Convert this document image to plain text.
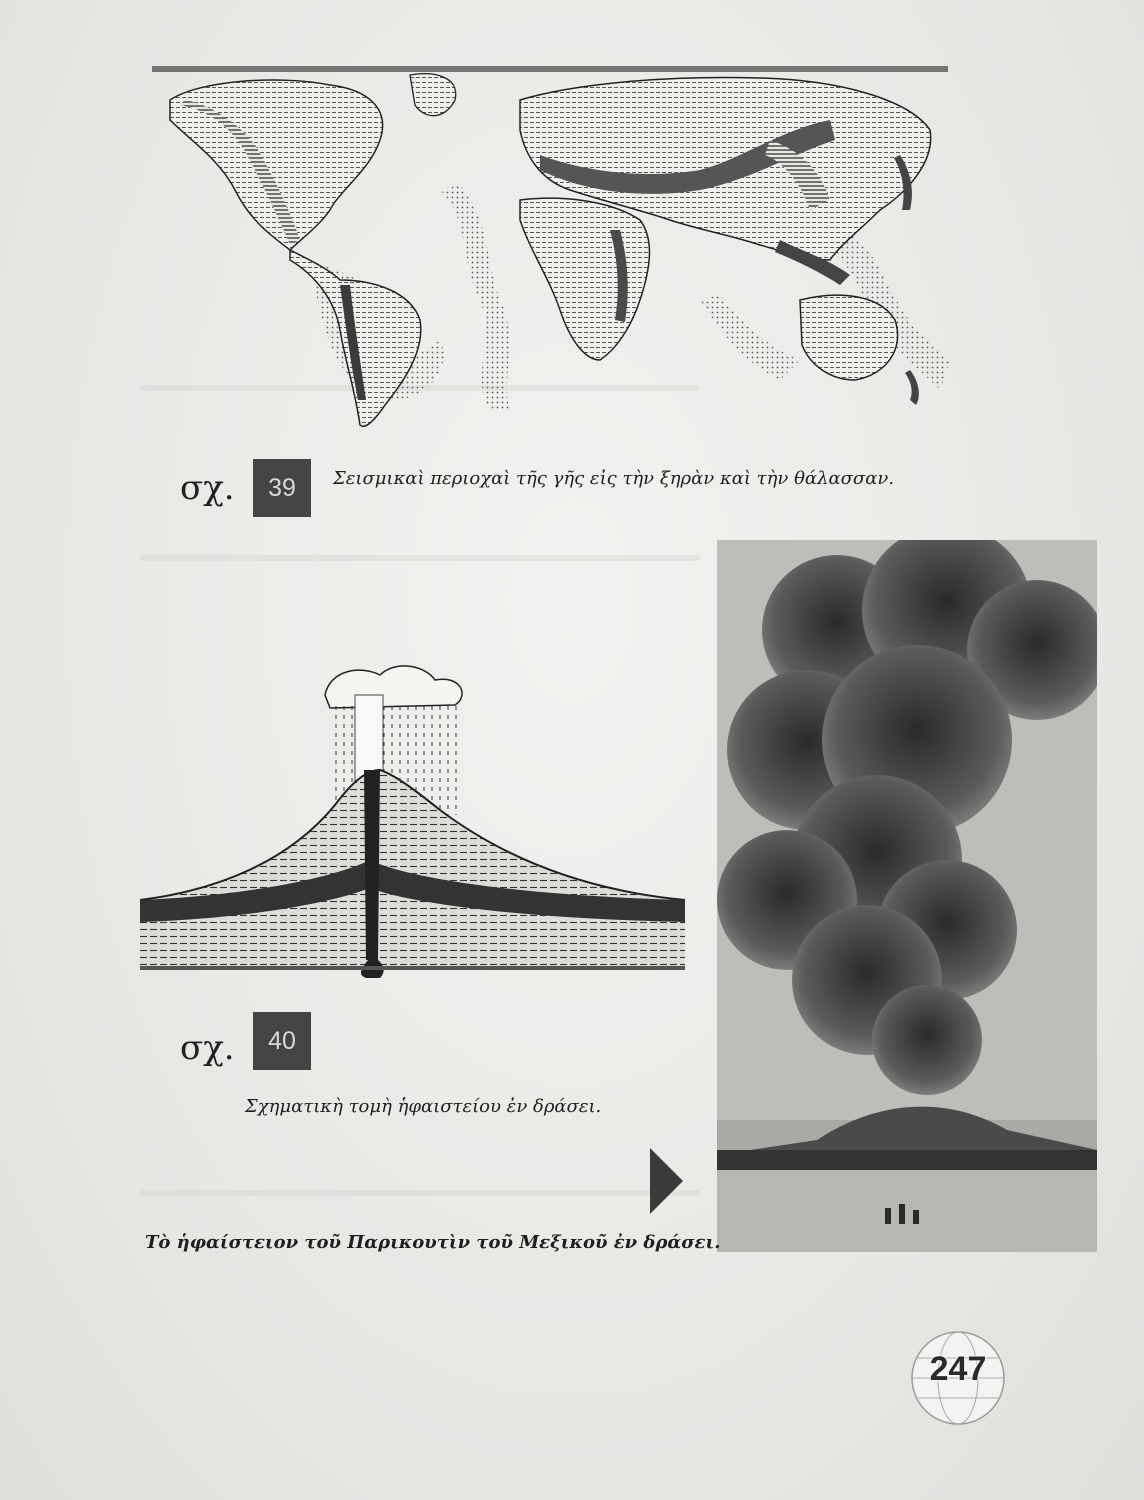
σχ.	39	Σεισμικαὶ περιοχαὶ τῆς γῆς εἰς τὴν ξηρὰν καὶ τὴν θάλασσαν.
σχ.	40
Σχηματικὴ τομὴ ἡφαιστείου ἐν δράσει.
Τὸ ἡφαίστειον τοῦ Παρικουτὶν τοῦ Μεξικοῦ ἐν δράσει.
247
